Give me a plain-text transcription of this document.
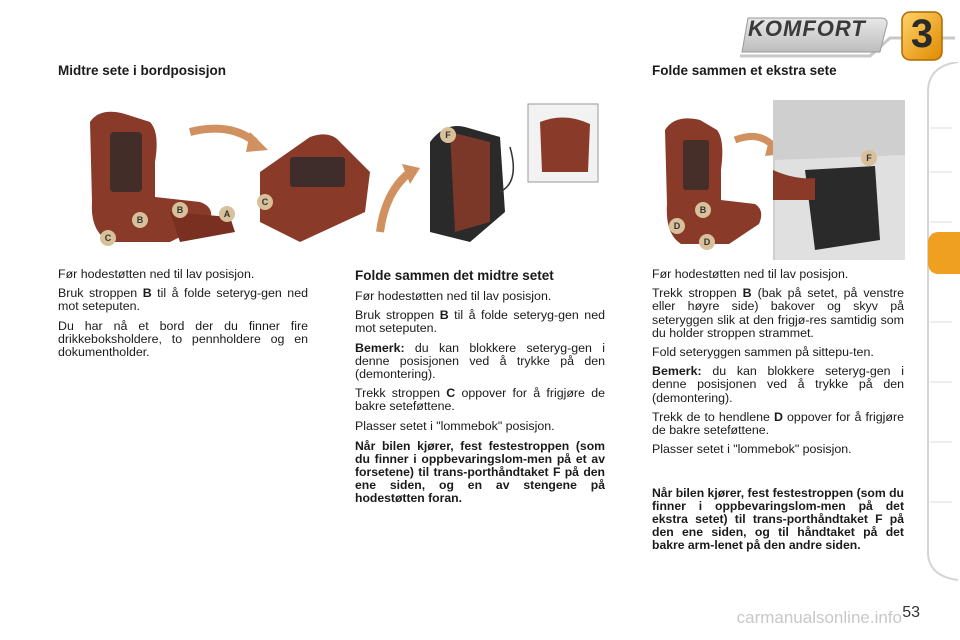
KOMFORT 3
Midtre sete i bordposisjon
B
B	A
C
C
F

Før hodestøtten ned til lav posisjon.

Bruk stroppen B til å folde seteryg-gen ned mot seteputen.

Du har nå et bord der du finner fire drikkeboksholdere, to pennholdere og en dokumentholder.

Folde sammen det midtre setet

Før hodestøtten ned til lav posisjon.

Bruk stroppen B til å folde seteryg-gen ned mot seteputen.

Bemerk: du kan blokkere seteryg-gen i denne posisjonen ved å trykke på den (demontering).

Trekk stroppen C oppover for å frigjøre de bakre seteføttene.

Plasser setet i "lommebok" posisjon.

Når bilen kjører, fest festestroppen (som du finner i oppbevaringslom-men på et av forsetene) til trans-porthåndtaket F på den ene siden, og en av stengene på hodestøtten foran.
Folde sammen et ekstra sete
B
D
D
F

Før hodestøtten ned til lav posisjon.

Trekk stroppen B (bak på setet, på venstre eller høyre side) bakover og skyv på seteryggen slik at den frigjø-res samtidig som du holder stroppen strammet.

Fold seteryggen sammen på sittepu-ten.

Bemerk: du kan blokkere seteryg-gen i denne posisjonen ved å trykke på den (demontering).

Trekk de to hendlene D oppover for å frigjøre de bakre seteføttene.

Plasser setet i "lommebok" posisjon.

Når bilen kjører, fest festestroppen (som du finner i oppbevaringslom-men på det ekstra setet) til trans-porthåndtaket F på den ene siden, og til håndtaket på det bakre arm-lenet på den andre siden.
carmanualsonline.info 53
